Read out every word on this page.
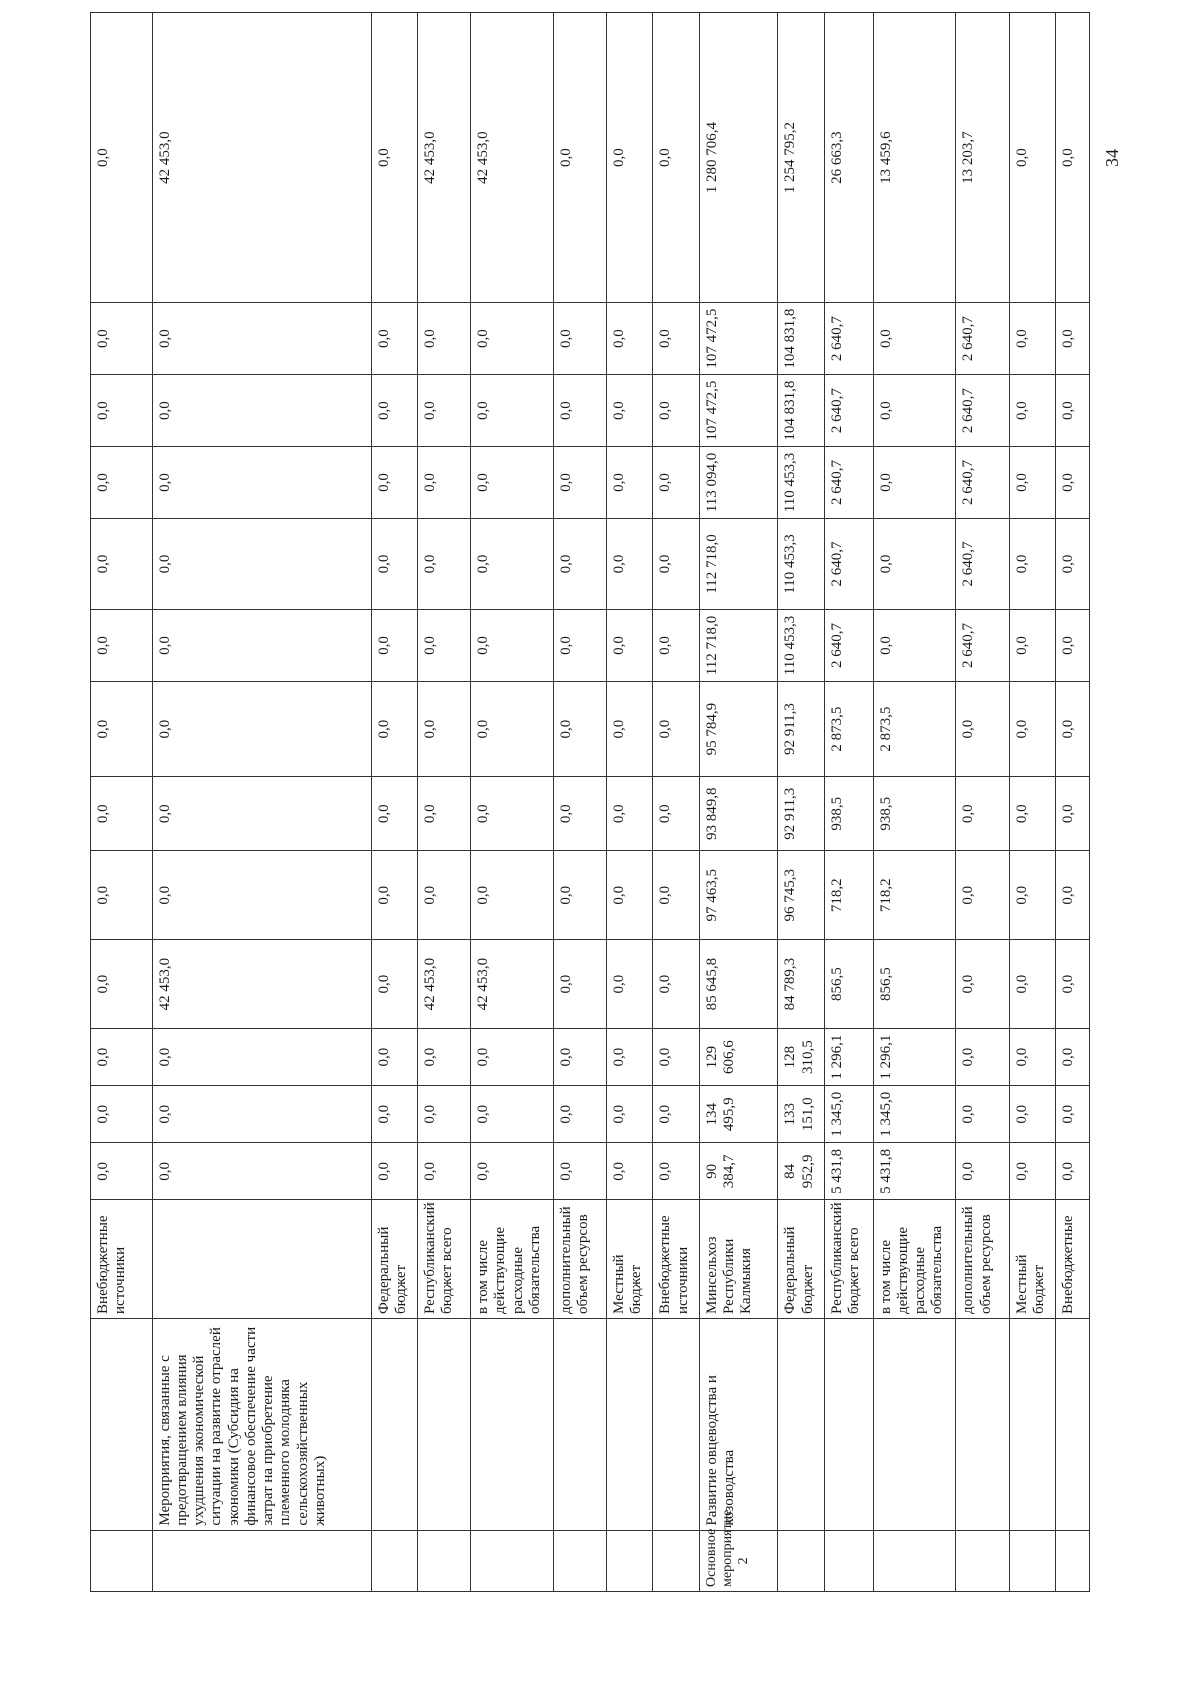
		Внебюджетные источники	0,0	0,0	0,0	0,0	0,0	0,0	0,0	0,0	0,0	0,0	0,0	0,0	0,0
	Мероприятия, связанные с предотвращением влияния ухудшения экономической ситуации на развитие отраслей экономики (Субсидия на финансовое обеспечение части затрат на приобретение племенного молодняка сельскохозяйственных животных)		0,0	0,0	0,0	42 453,0	0,0	0,0	0,0	0,0	0,0	0,0	0,0	0,0	42 453,0
		Федеральный бюджет	0,0	0,0	0,0	0,0	0,0	0,0	0,0	0,0	0,0	0,0	0,0	0,0	0,0
		Республиканский бюджет всего	0,0	0,0	0,0	42 453,0	0,0	0,0	0,0	0,0	0,0	0,0	0,0	0,0	42 453,0
		в том числе действующие расходные обязательства	0,0	0,0	0,0	42 453,0	0,0	0,0	0,0	0,0	0,0	0,0	0,0	0,0	42 453,0
		дополнительный объем ресурсов	0,0	0,0	0,0	0,0	0,0	0,0	0,0	0,0	0,0	0,0	0,0	0,0	0,0
		Местный бюджет	0,0	0,0	0,0	0,0	0,0	0,0	0,0	0,0	0,0	0,0	0,0	0,0	0,0
		Внебюджетные источники	0,0	0,0	0,0	0,0	0,0	0,0	0,0	0,0	0,0	0,0	0,0	0,0	0,0
Основное мероприятие 2	Развитие овцеводства и козоводства	Минсельхоз Республики Калмыкия	90 384,7	134 495,9	129 606,6	85 645,8	97 463,5	93 849,8	95 784,9	112 718,0	112 718,0	113 094,0	107 472,5	107 472,5	1 280 706,4
		Федеральный бюджет	84 952,9	133 151,0	128 310,5	84 789,3	96 745,3	92 911,3	92 911,3	110 453,3	110 453,3	110 453,3	104 831,8	104 831,8	1 254 795,2
		Республиканский бюджет всего	5 431,8	1 345,0	1 296,1	856,5	718,2	938,5	2 873,5	2 640,7	2 640,7	2 640,7	2 640,7	2 640,7	26 663,3
		в том числе действующие расходные обязательства	5 431,8	1 345,0	1 296,1	856,5	718,2	938,5	2 873,5	0,0	0,0	0,0	0,0	0,0	13 459,6
		дополнительный объем ресурсов	0,0	0,0	0,0	0,0	0,0	0,0	0,0	2 640,7	2 640,7	2 640,7	2 640,7	2 640,7	13 203,7
		Местный бюджет	0,0	0,0	0,0	0,0	0,0	0,0	0,0	0,0	0,0	0,0	0,0	0,0	0,0
		Внебюджетные	0,0	0,0	0,0	0,0	0,0	0,0	0,0	0,0	0,0	0,0	0,0	0,0	0,0 34
